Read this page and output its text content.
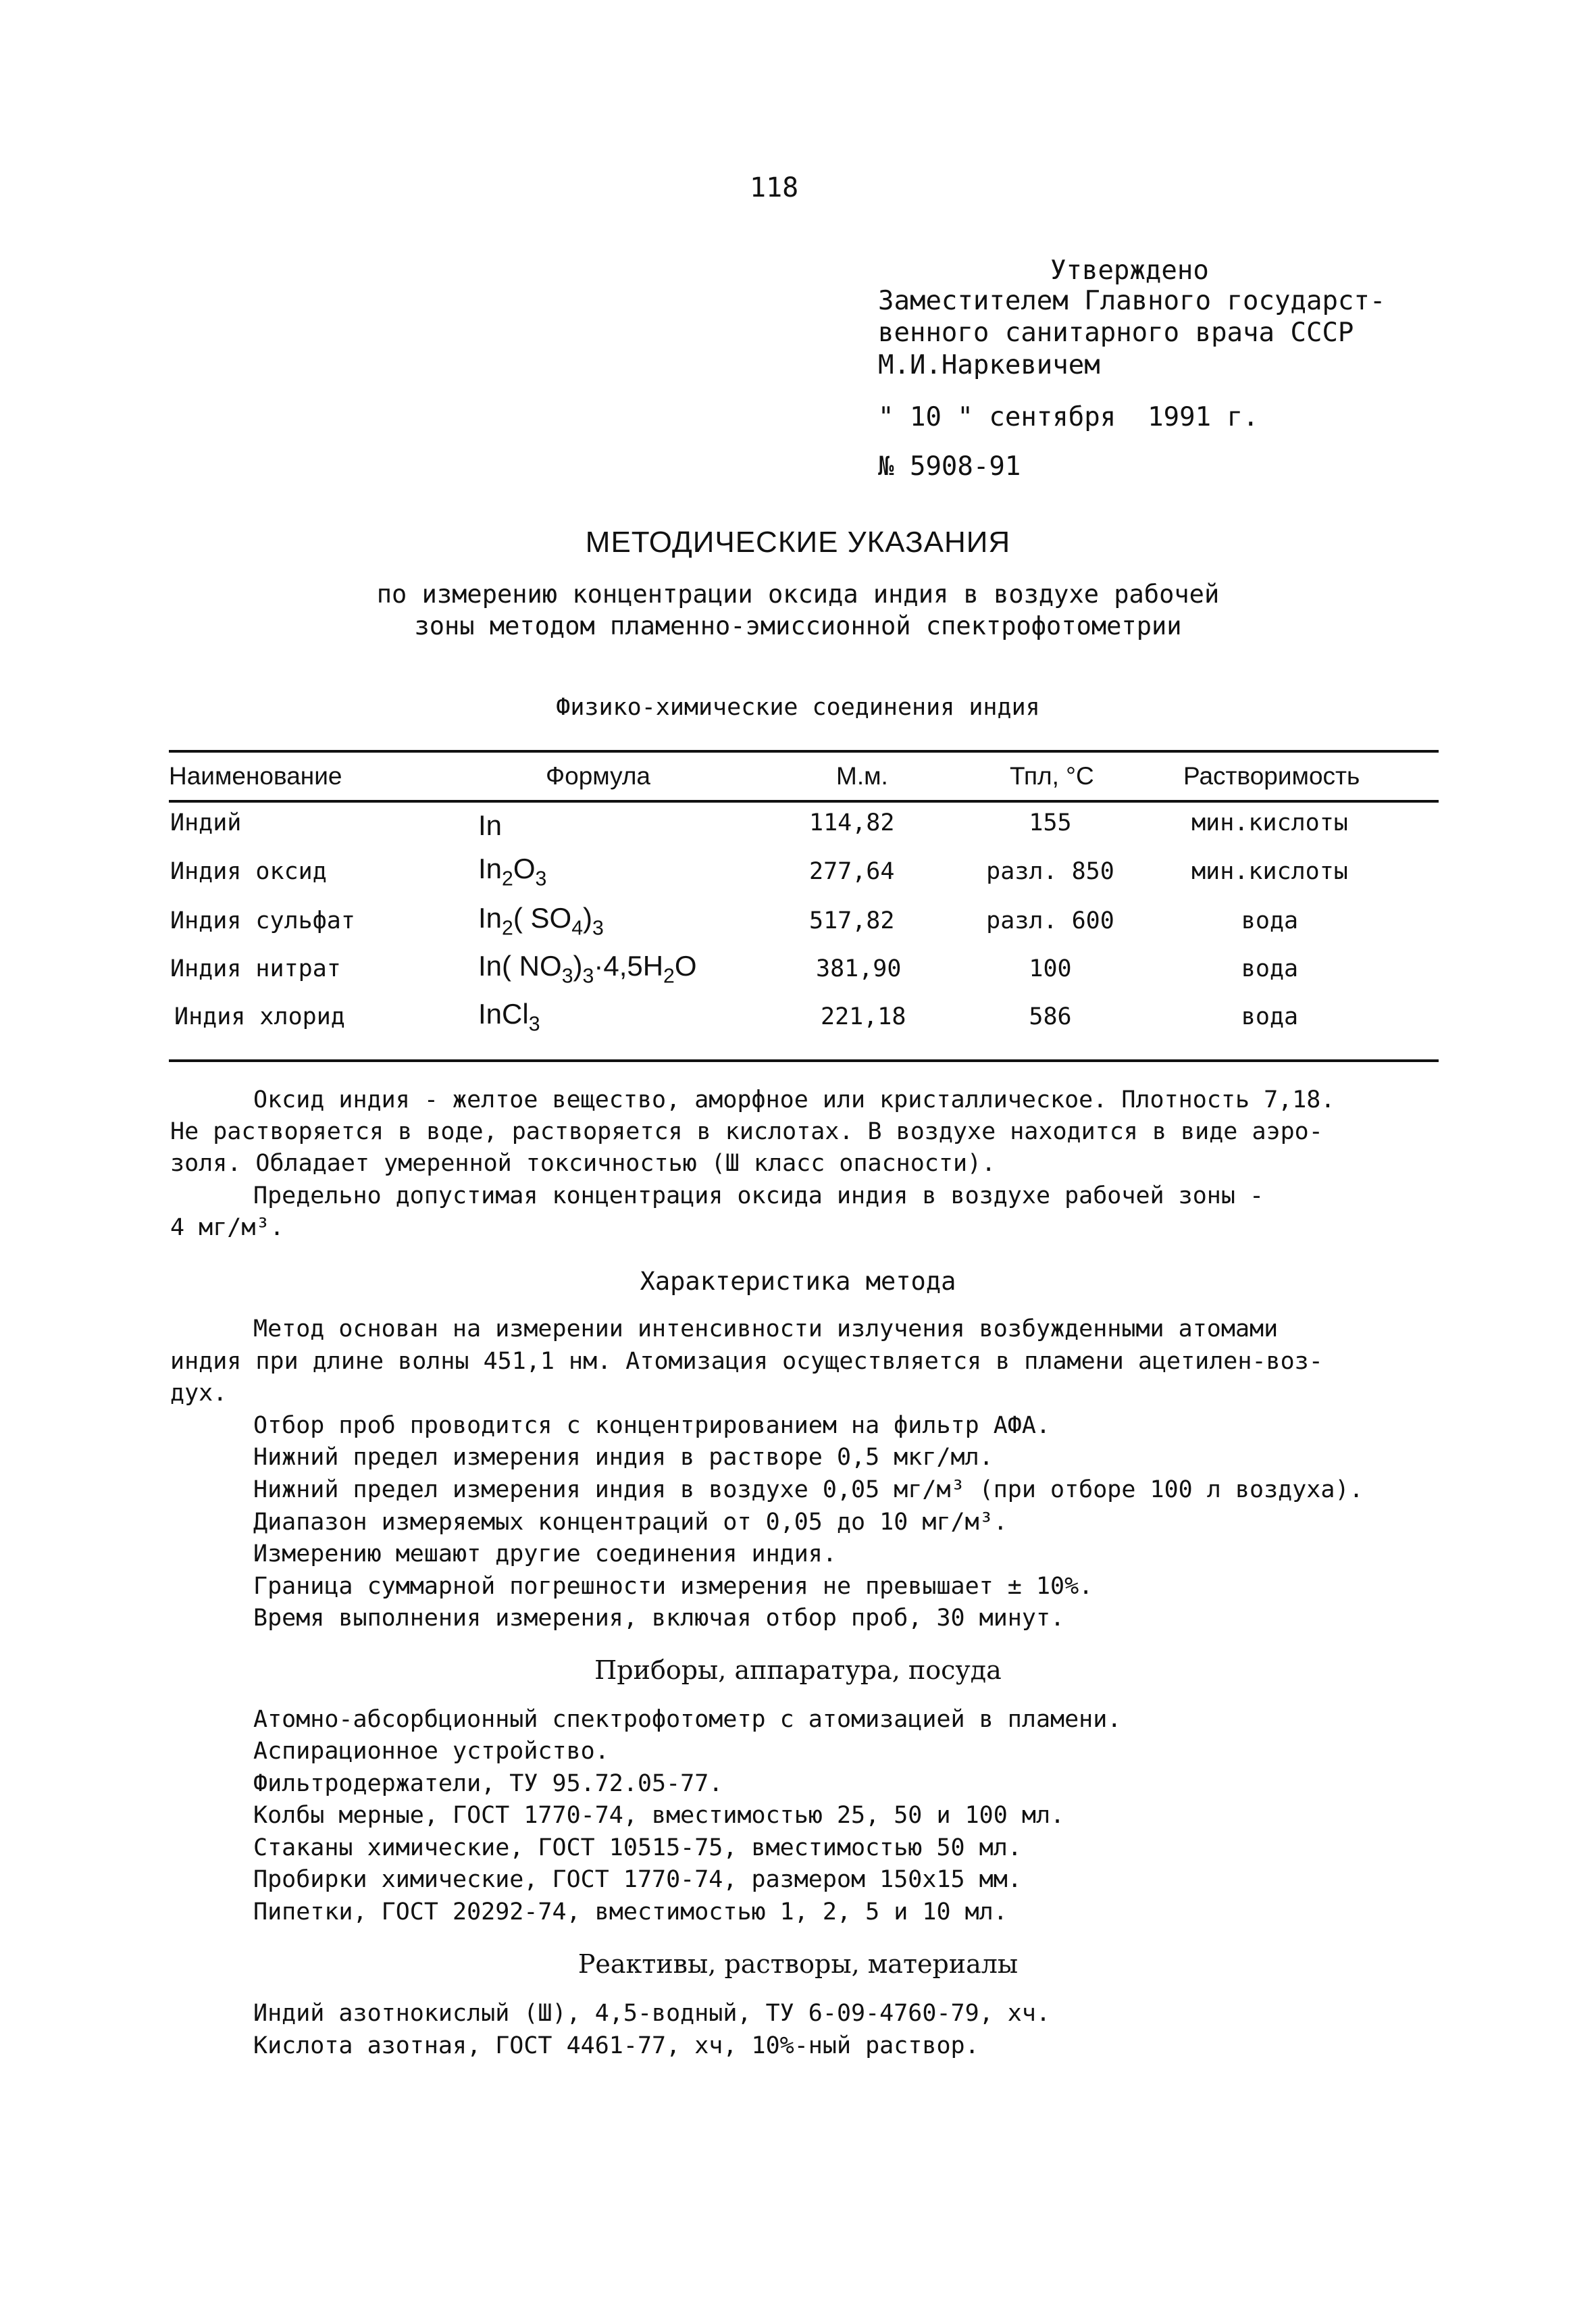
118
Утверждено
Заместителем Главного государст-
венного санитарного врача СССР
М.И.Наркевичем
" 10 " сентября  1991 г.
№ 5908-91
МЕТОДИЧЕСКИЕ УКАЗАНИЯ
по измерению концентрации оксида индия в воздухе рабочей
зоны методом пламенно-эмиссионной спектрофотометрии
Физико-химические соединения индия
Наименование	Формула	М.м.	Тпл, °С	Растворимость
Индий	In	114,82	155	мин.кислоты
Индия оксид	$In_2O_3$	277,64	разл. 850	мин.кислоты
Индия сульфат	$In_2$( $SO_4)_3$	517,82	разл. 600	вода
Индия нитрат	In( $NO_3)_3\cdot 4,5H_2O$	381,90	100	вода
Индия хлорид	InCl$_3$	221,18	586	вода
Оксид индия - желтое вещество, аморфное или кристаллическое. Плотность 7,18.
Не растворяется в воде, растворяется в кислотах. В воздухе находится в виде аэро-
золя. Обладает умеренной токсичностью (Ш класс опасности).
Предельно допустимая концентрация оксида индия в воздухе рабочей зоны -
4 мг/м³.
Характеристика метода
Метод основан на измерении интенсивности излучения возбужденными атомами
индия при длине волны 451,1 нм. Атомизация осуществляется в пламени ацетилен-воз-
дух.
Отбор проб проводится с концентрированием на фильтр АФА.
Нижний предел измерения индия в растворе 0,5 мкг/мл.
Нижний предел измерения индия в воздухе 0,05 мг/м³ (при отборе 100 л воздуха).
Диапазон измеряемых концентраций от 0,05 до 10 мг/м³.
Измерению мешают другие соединения индия.
Граница суммарной погрешности измерения не превышает ± 10%.
Время выполнения измерения, включая отбор проб, 30 минут.
Приборы, аппаратура, посуда
Атомно-абсорбционный спектрофотометр с атомизацией в пламени.
Аспирационное устройство.
Фильтродержатели, ТУ 95.72.05-77.
Колбы мерные, ГОСТ 1770-74, вместимостью 25, 50 и 100 мл.
Стаканы химические, ГОСТ 10515-75, вместимостью 50 мл.
Пробирки химические, ГОСТ 1770-74, размером 150х15 мм.
Пипетки, ГОСТ 20292-74, вместимостью 1, 2, 5 и 10 мл.
Реактивы, растворы, материалы
Индий азотнокислый (Ш), 4,5-водный, ТУ 6-09-4760-79, хч.
Кислота азотная, ГОСТ 4461-77, хч, 10%-ный раствор.
